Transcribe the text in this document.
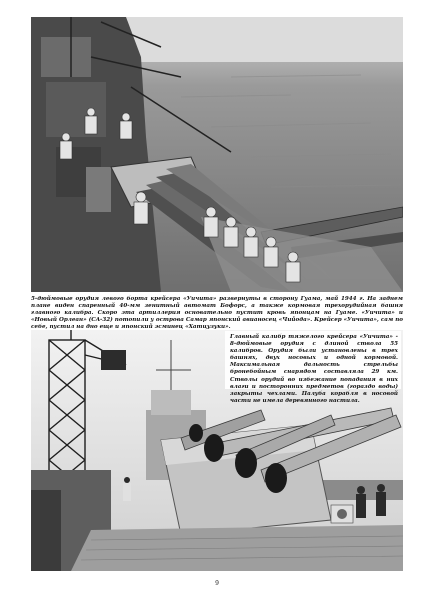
5-дюймовые орудия левого борта крейсера «Уичита» развернуты в сторону Гуама, май 1944 г. На заднем плане виден спаренный 40-мм зенитный автомат Бофорс, а также кормовая трехорудийная башня главного калибра. Скоро эта артиллерия основательно пустит кровь японцам на Гуаме. «Уичита» и «Новый Орлеан» (CA-32) потопили у острова Самар японский авианосец «Чийода». Крейсер «Уичита», сам по себе, пустил на дно еще и японский эсминец «Хатцузуки».

Главный калибр тяжелого крейсера «Уичита» - 8-дюймовые орудия с длиной ствола 55 калибров. Орудия были установлены в трех башнях, двух носовых и одной кормовой. Максимальная дальность стрельбы бронебойным снарядом составляла 29 км. Стволы орудий во избежание попадания в них влаги и посторонних предметов (гораздо воды) закрыты чехлами. Палуба корабля в носовой части не имела деревянного настила.

9
